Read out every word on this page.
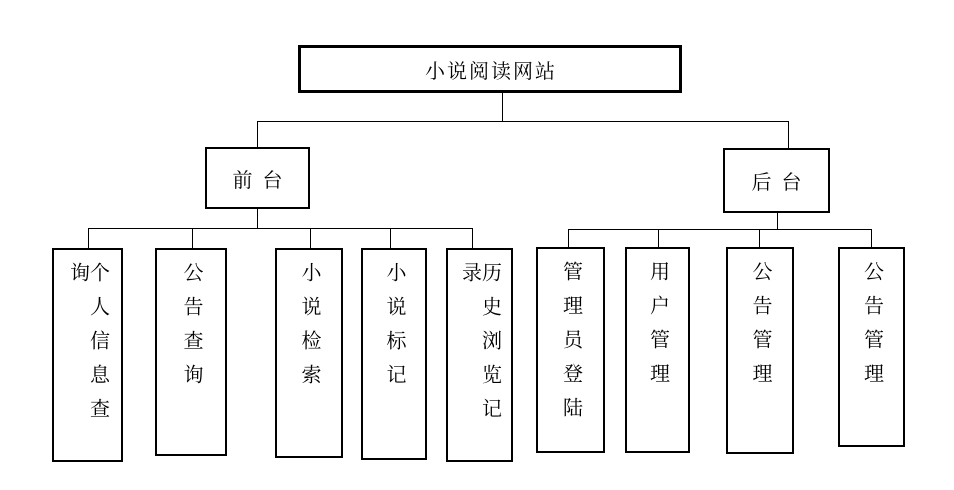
小说阅读网站
前台	后台
个人信息查询	公告查询	小说检索	小说标记	历史浏览记录	管理员登陆	用户管理	公告管理	公告管理
